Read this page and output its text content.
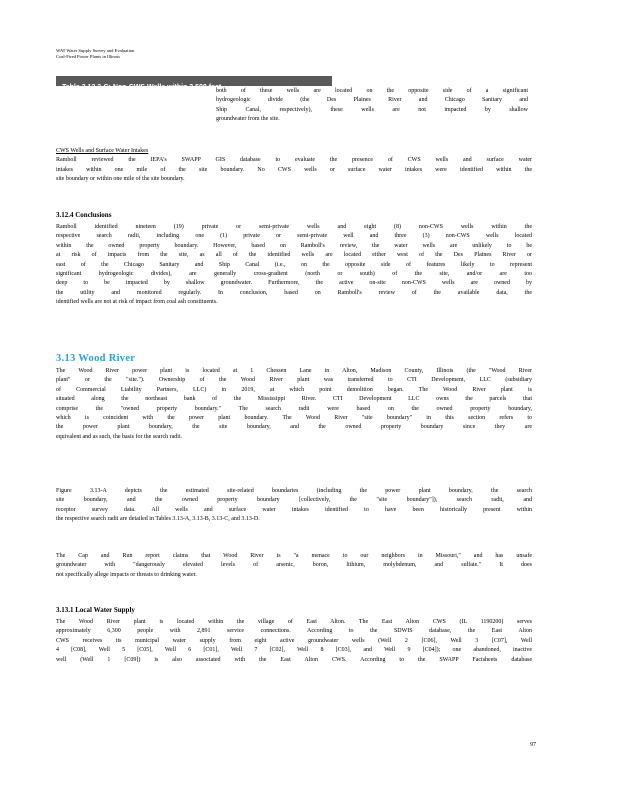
WAT Water Supply Survey and Evaluation
Coal-Fired Power Plants in Illinois
Table 3.12.3-C: Non-CWS Wells within 2,500 feet

both of these wells are located on the opposite side of a significant

hydrogeologic divide (the Des Plaines River and Chicago Sanitary and

Ship Canal, respectively), these wells are not impacted by shallow

groundwater from the site.

CWS Wells and Surface Water Intakes

Ramboll reviewed the IEPA's SWAPP GIS database to evaluate the presence of CWS wells and surface water

intakes within one mile of the site boundary. No CWS wells or surface water intakes were identified within the

site boundary or within one mile of the site boundary.

3.12.4 Conclusions

Ramboll identified nineteen (19) private or semi-private wells and eight (8) non-CWS wells within the

respective search radii, including one (1) private or semi-private well and three (3) non-CWS wells located

within the owned property boundary. However, based on Ramboll's review, the water wells are unlikely to be

at risk of impacts from the site, as all of the identified wells are located either west of the Des Plaines River or

east of the Chicago Sanitary and Ship Canal (i.e., on the opposite side of features likely to represent

significant hydrogeologic divides), are generally cross-gradient (north or south) of the site, and/or are too

deep to be impacted by shallow groundwater. Furthermore, the active on-site non-CWS wells are owned by

the utility and monitored regularly. In conclusion, based on Ramboll's review of the available data, the

identified wells are not at risk of impact from coal ash constituents.

3.13 Wood River

The Wood River power plant is located at 1 Chessen Lane in Alton, Madison County, Illinois (the "Wood River

plant" or the "site."). Ownership of the Wood River plant was transferred to CTI Development, LLC (subsidiary

of Commercial Liability Partners, LLC) in 2019, at which point demolition began. The Wood River plant is

situated along the northeast bank of the Mississippi River. CTI Development LLC owns the parcels that

comprise the "owned property boundary." The search radii were based on the owned property boundary,

which is coincident with the power plant boundary. The Wood River "site boundary" in this section refers to

the power plant boundary, the site boundary, and the owned property boundary since they are

equivalent and as such, the basis for the search radii.

Figure 3.13-A depicts the estimated site-related boundaries (including the power plant boundary, the search

site boundary, and the owned property boundary [collectively, the "site boundary"]), search radii, and

receptor survey data. All wells and surface water intakes identified to have been historically present within

the respective search radii are detailed in Tables 3.13-A, 3.13-B, 3.13-C, and 3.13-D.

The Cap and Run report claims that Wood River is "a menace to our neighbors in Missouri," and has unsafe

groundwater with "dangerously elevated levels of arsenic, boron, lithium, molybdenum, and sulfate." It does

not specifically allege impacts or threats to drinking water.

3.13.1 Local Water Supply

The Wood River plant is located within the village of East Alton. The East Alton CWS (IL 1190200) serves

approximately 6,300 people with 2,891 service connections. According to the SDWIS database, the East Alton

CWS receives its municipal water supply from eight active groundwater wells (Well 2 [C06], Well 3 [C07], Well

4 [C08], Well 5 [C05], Well 6 [C01], Well 7 [C02], Well 8 [C03], and Well 9 [C04]); one abandoned, inactive

well (Well 1 [C09]) is also associated with the East Alton CWS. According to the SWAPP Factsheets database

97
